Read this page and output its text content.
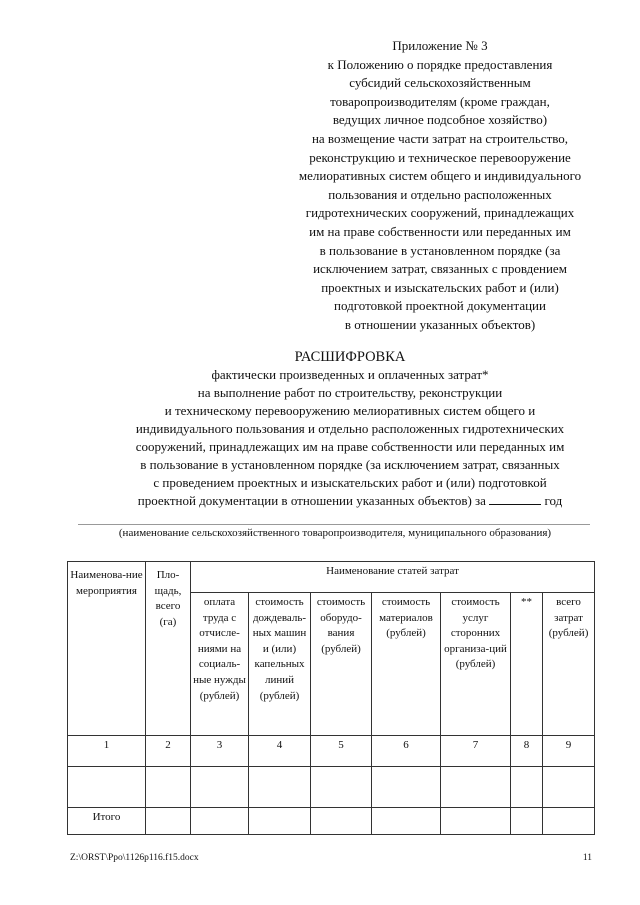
Приложение № 3
к Положению о порядке предоставления
субсидий сельскохозяйственным
товаропроизводителям (кроме граждан,
ведущих личное подсобное хозяйство)
на возмещение части затрат на строительство,
реконструкцию и техническое перевооружение
мелиоративных систем общего и индивидуального
пользования и отдельно расположенных
гидротехнических сооружений, принадлежащих
им на праве собственности или переданных им
в пользование в установленном порядке (за
исключением затрат, связанных с провдением
проектных и изыскательских работ и (или)
подготовкой проектной документации
в отношении указанных объектов)
РАСШИФРОВКА
фактически произведенных и оплаченных затрат*
на выполнение работ по строительству, реконструкции
и техническому перевооружению мелиоративных систем общего и
индивидуального пользования и отдельно расположенных гидротехнических
сооружений, принадлежащих им на праве собственности или переданных им
в пользование в установленном порядке (за исключением затрат, связанных
с проведением проектных и изыскательских работ и (или) подготовкой
проектной документации в отношении указанных объектов) за	год
(наименование сельскохозяйственного товаропроизводителя, муниципального образования)
Наименова-ние мероприятия	Пло-щадь, всего (га)	Наименование статей затрат						
		оплата труда с отчисле-ниями на социаль-ные нужды (рублей)	стоимость дождеваль-ных машин и (или) капельных линий (рублей)	стоимость оборудо-вания (рублей)	стоимость материалов (рублей)	стоимость услуг сторонних организа-ций (рублей)	**	всего затрат (рублей)
1	2	3	4	5	6	7	8	9

Итого								
Z:\ORST\Ppo\1126p116.f15.docx	11
